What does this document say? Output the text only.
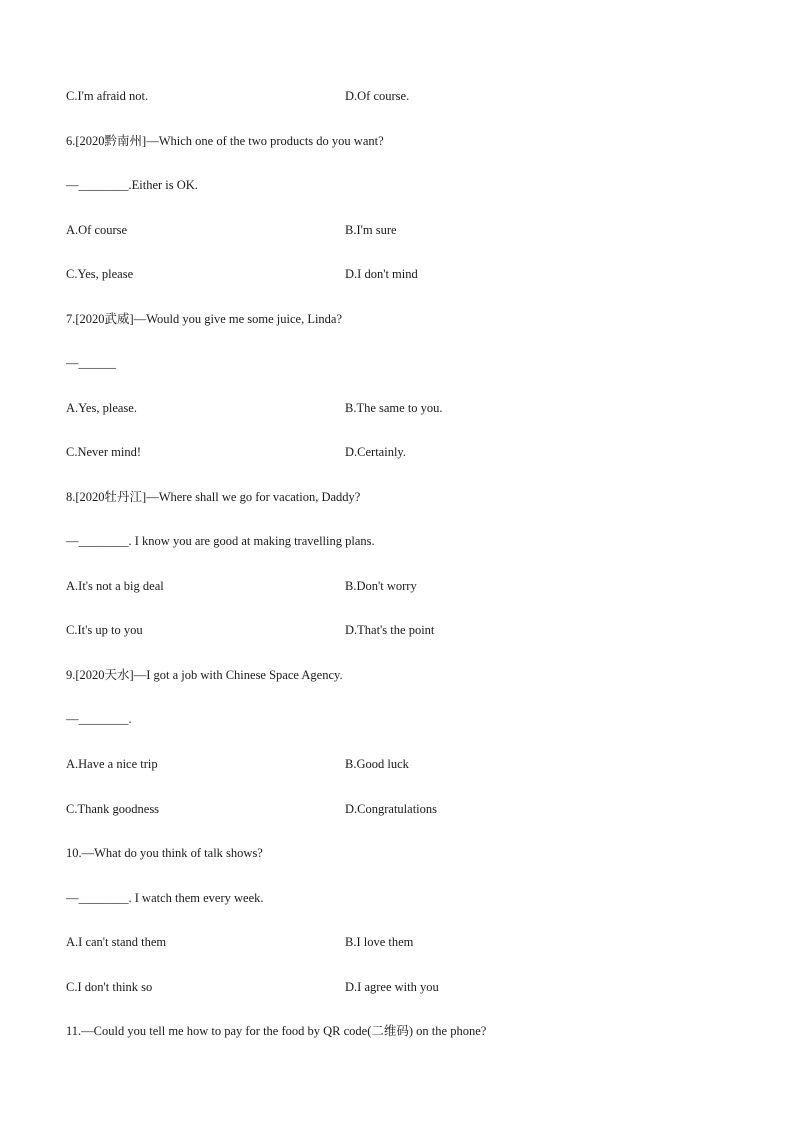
C.I'm afraid not.	D.Of course.
6.[2020黔南州]—Which one of the two products do you want?
—________.Either is OK.
A.Of course	B.I'm sure
C.Yes, please	D.I don't mind
7.[2020武威]—Would you give me some juice, Linda?
—______
A.Yes, please.	B.The same to you.
C.Never mind!	D.Certainly.
8.[2020牡丹江]—Where shall we go for vacation, Daddy?
—________. I know you are good at making travelling plans.
A.It's not a big deal	B.Don't worry
C.It's up to you	D.That's the point
9.[2020天水]—I got a job with Chinese Space Agency.
—________.
A.Have a nice trip	B.Good luck
C.Thank goodness	D.Congratulations
10.—What do you think of talk shows?
—________. I watch them every week.
A.I can't stand them	B.I love them
C.I don't think so	D.I agree with you
11.—Could you tell me how to pay for the food by QR code(二维码) on the phone?
